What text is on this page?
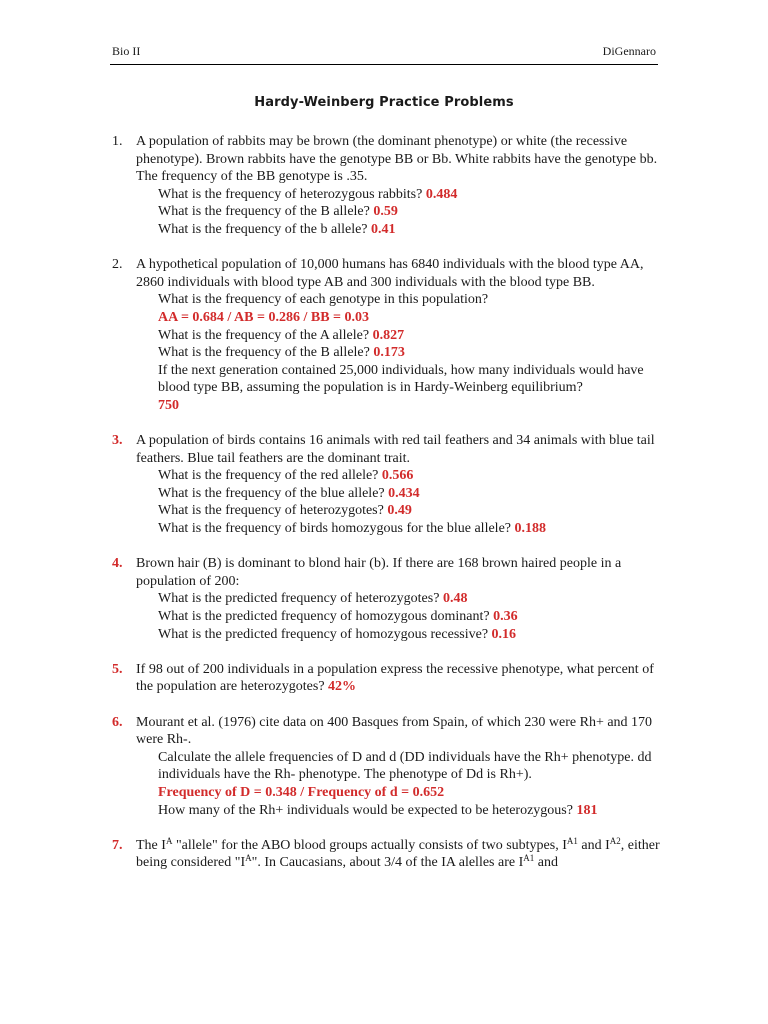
Bio II	DiGennaro
Hardy-Weinberg Practice Problems
1. A population of rabbits may be brown (the dominant phenotype) or white (the recessive phenotype). Brown rabbits have the genotype BB or Bb. White rabbits have the genotype bb. The frequency of the BB genotype is .35.
What is the frequency of heterozygous rabbits? 0.484
What is the frequency of the B allele? 0.59
What is the frequency of the b allele? 0.41
2. A hypothetical population of 10,000 humans has 6840 individuals with the blood type AA, 2860 individuals with blood type AB and 300 individuals with the blood type BB.
What is the frequency of each genotype in this population?
AA = 0.684 / AB = 0.286 / BB = 0.03
What is the frequency of the A allele? 0.827
What is the frequency of the B allele? 0.173
If the next generation contained 25,000 individuals, how many individuals would have blood type BB, assuming the population is in Hardy-Weinberg equilibrium?
750
3. A population of birds contains 16 animals with red tail feathers and 34 animals with blue tail feathers. Blue tail feathers are the dominant trait.
What is the frequency of the red allele? 0.566
What is the frequency of the blue allele? 0.434
What is the frequency of heterozygotes? 0.49
What is the frequency of birds homozygous for the blue allele? 0.188
4. Brown hair (B) is dominant to blond hair (b). If there are 168 brown haired people in a population of 200:
What is the predicted frequency of heterozygotes? 0.48
What is the predicted frequency of homozygous dominant? 0.36
What is the predicted frequency of homozygous recessive? 0.16
5. If 98 out of 200 individuals in a population express the recessive phenotype, what percent of the population are heterozygotes? 42%
6. Mourant et al. (1976) cite data on 400 Basques from Spain, of which 230 were Rh+ and 170 were Rh-.
Calculate the allele frequencies of D and d (DD individuals have the Rh+ phenotype. dd individuals have the Rh- phenotype. The phenotype of Dd is Rh+).
Frequency of D = 0.348 / Frequency of d = 0.652
How many of the Rh+ individuals would be expected to be heterozygous? 181
7. The $I^A$ "allele" for the ABO blood groups actually consists of two subtypes, $I^{A1}$ and $I^{A2}$, either being considered "$I^A$". In Caucasians, about 3/4 of the IA alelles are $I^{A1}$ and
